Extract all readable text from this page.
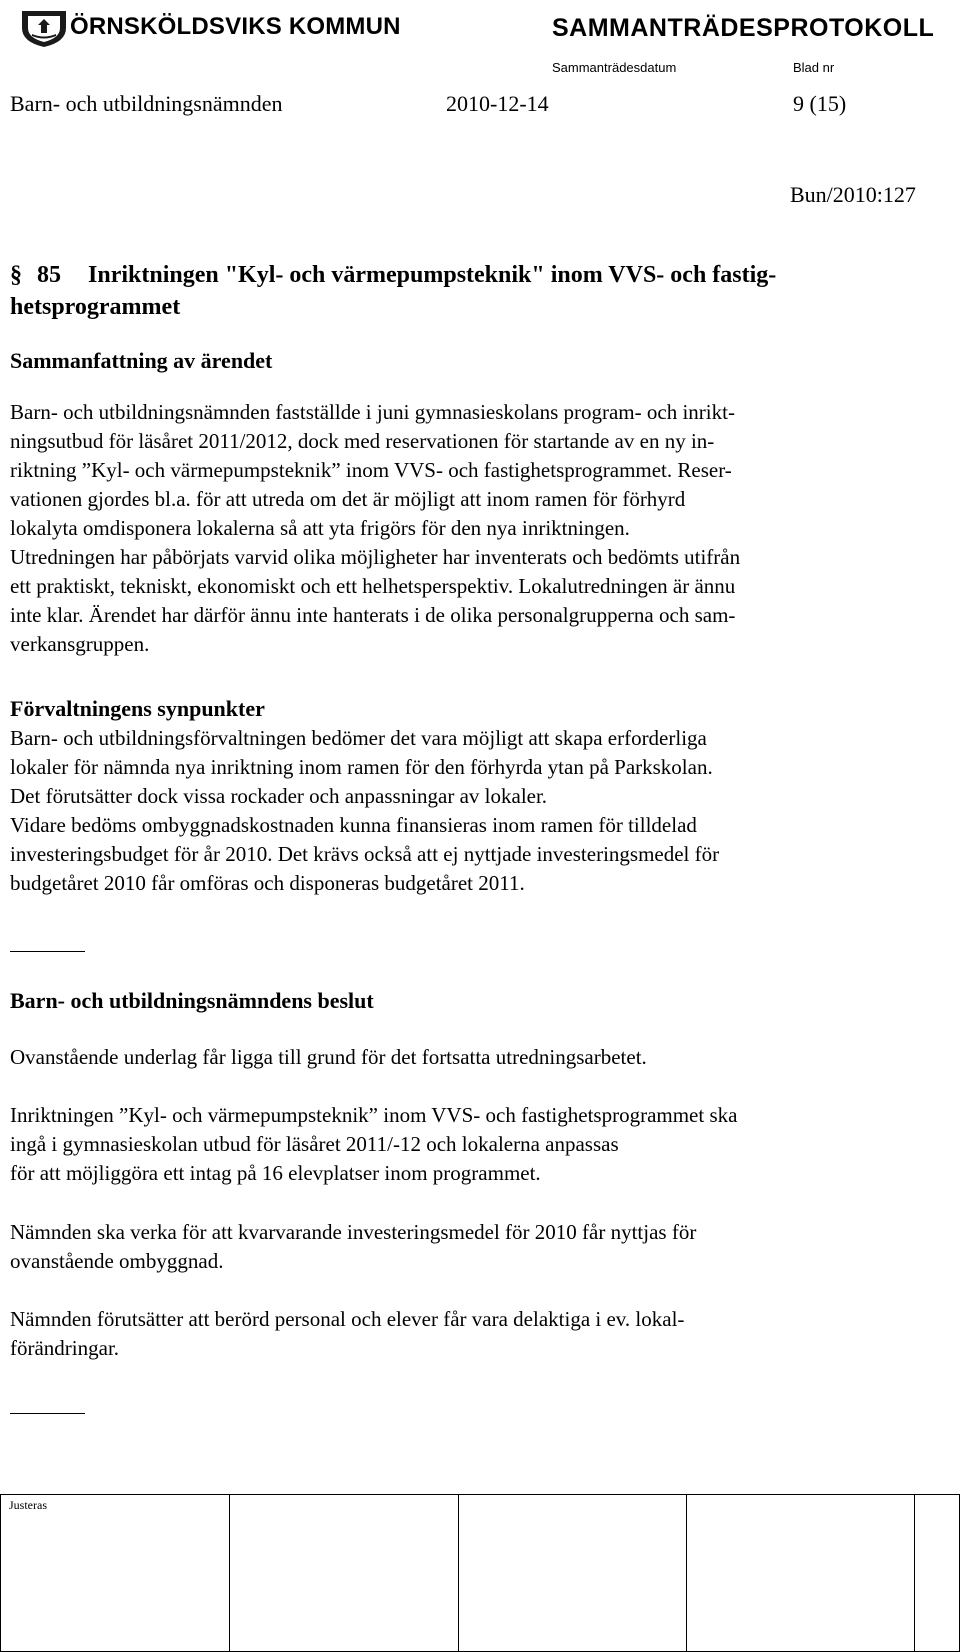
ÖRNSKÖLDSVIKS KOMMUN	SAMMANTRÄDESPROTOKOLL
Sammanträdesdatum	Blad nr
Barn- och utbildningsnämnden	2010-12-14	9 (15)
Bun/2010:127
§ 85 Inriktningen "Kyl- och värmepumpsteknik" inom VVS- och fastig-
hetsprogrammet
Sammanfattning av ärendet
Barn- och utbildningsnämnden fastställde i juni gymnasieskolans program- och inrikt-
ningsutbud för läsåret 2011/2012, dock med reservationen för startande av en ny in-
riktning ”Kyl- och värmepumpsteknik” inom VVS- och fastighetsprogrammet. Reser-
vationen gjordes bl.a. för att utreda om det är möjligt att inom ramen för förhyrd
lokalyta omdisponera lokalerna så att yta frigörs för den nya inriktningen.
Utredningen har påbörjats varvid olika möjligheter har inventerats och bedömts utifrån
ett praktiskt, tekniskt, ekonomiskt och ett helhetsperspektiv. Lokalutredningen är ännu
inte klar. Ärendet har därför ännu inte hanterats i de olika personalgrupperna och sam-
verkansgruppen.
Förvaltningens synpunkter
Barn- och utbildningsförvaltningen bedömer det vara möjligt att skapa erforderliga
lokaler för nämnda nya inriktning inom ramen för den förhyrda ytan på Parkskolan.
Det förutsätter dock vissa rockader och anpassningar av lokaler.
Vidare bedöms ombyggnadskostnaden kunna finansieras inom ramen för tilldelad
investeringsbudget för år 2010. Det krävs också att ej nyttjade investeringsmedel för
budgetåret 2010 får omföras och disponeras budgetåret 2011.
Barn- och utbildningsnämndens beslut
Ovanstående underlag får ligga till grund för det fortsatta utredningsarbetet.
Inriktningen ”Kyl- och värmepumpsteknik” inom VVS- och fastighetsprogrammet ska
ingå i gymnasieskolan utbud för läsåret 2011/-12 och lokalerna anpassas
för att möjliggöra ett intag på 16 elevplatser inom programmet.
Nämnden ska verka för att kvarvarande investeringsmedel för 2010 får nyttjas för
ovanstående ombyggnad.
Nämnden förutsätter att berörd personal och elever får vara delaktiga i ev. lokal-
förändringar.
Justeras
